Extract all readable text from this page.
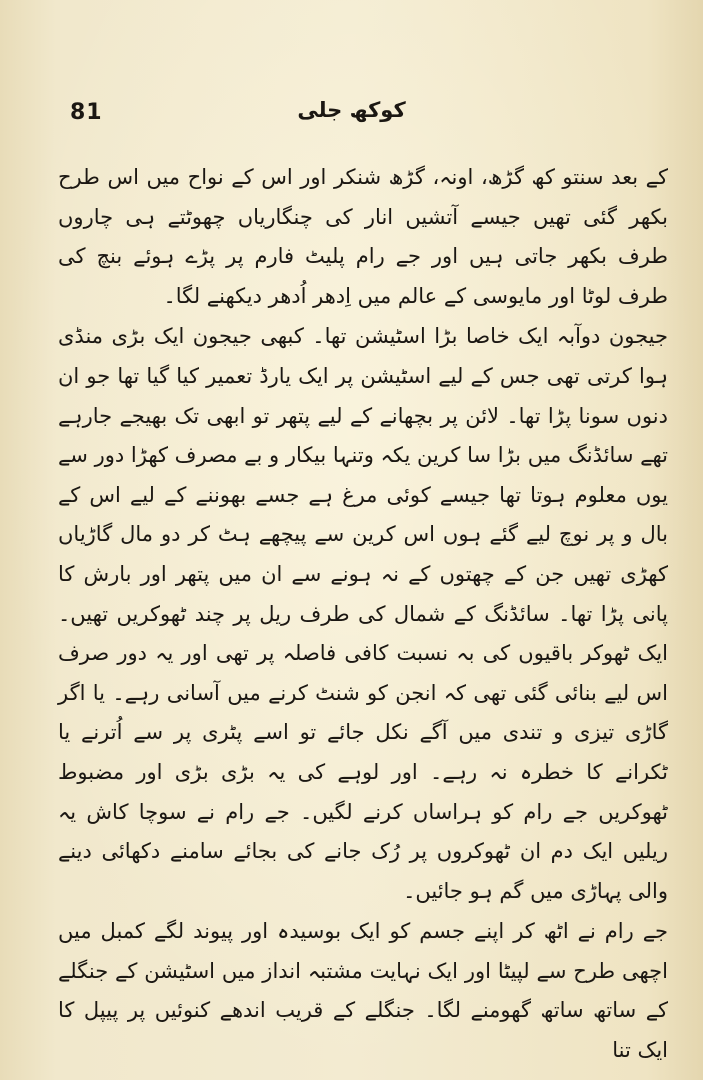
81	کوکھ جلی

کے بعد سنتو کھ گڑھ، اونہ، گڑھ شنکر اور اس کے نواح میں اس طرح بکھر گئی تھیں جیسے آتشیں انار کی چنگاریاں چھوٹتے ہی چاروں طرف بکھر جاتی ہیں اور جے رام پلیٹ فارم پر پڑے ہوئے بنچ کی طرف لوٹا اور مایوسی کے عالم میں اِدھر اُدھر دیکھنے لگا۔

جیجون دوآبہ ایک خاصا بڑا اسٹیشن تھا۔ کبھی جیجون ایک بڑی منڈی ہوا کرتی تھی جس کے لیے اسٹیشن پر ایک یارڈ تعمیر کیا گیا تھا جو ان دنوں سونا پڑا تھا۔ لائن پر بچھانے کے لیے پتھر تو ابھی تک بھیجے جارہے تھے سائڈنگ میں بڑا سا کرین یکہ وتنہا بیکار و بے مصرف کھڑا دور سے یوں معلوم ہوتا تھا جیسے کوئی مرغ ہے جسے بھوننے کے لیے اس کے بال و پر نوچ لیے گئے ہوں اس کرین سے پیچھے ہٹ کر دو مال گاڑیاں کھڑی تھیں جن کے چھتوں کے نہ ہونے سے ان میں پتھر اور بارش کا پانی پڑا تھا۔ سائڈنگ کے شمال کی طرف ریل پر چند ٹھوکریں تھیں۔ ایک ٹھوکر باقیوں کی بہ نسبت کافی فاصلہ پر تھی اور یہ دور صرف اس لیے بنائی گئی تھی کہ انجن کو شنٹ کرنے میں آسانی رہے۔ یا اگر گاڑی تیزی و تندی میں آگے نکل جائے تو اسے پٹری پر سے اُترنے یا ٹکرانے کا خطرہ نہ رہے۔ اور لوہے کی یہ بڑی بڑی اور مضبوط ٹھوکریں جے رام کو ہراساں کرنے لگیں۔ جے رام نے سوچا کاش یہ ریلیں ایک دم ان ٹھوکروں پر رُک جانے کی بجائے سامنے دکھائی دینے والی پہاڑی میں گم ہو جائیں۔

جے رام نے اٹھ کر اپنے جسم کو ایک بوسیدہ اور پیوند لگے کمبل میں اچھی طرح سے لپیٹا اور ایک نہایت مشتبہ انداز میں اسٹیشن کے جنگلے کے ساتھ ساتھ گھومنے لگا۔ جنگلے کے قریب اندھے کنوئیں پر پیپل کا ایک تنا
